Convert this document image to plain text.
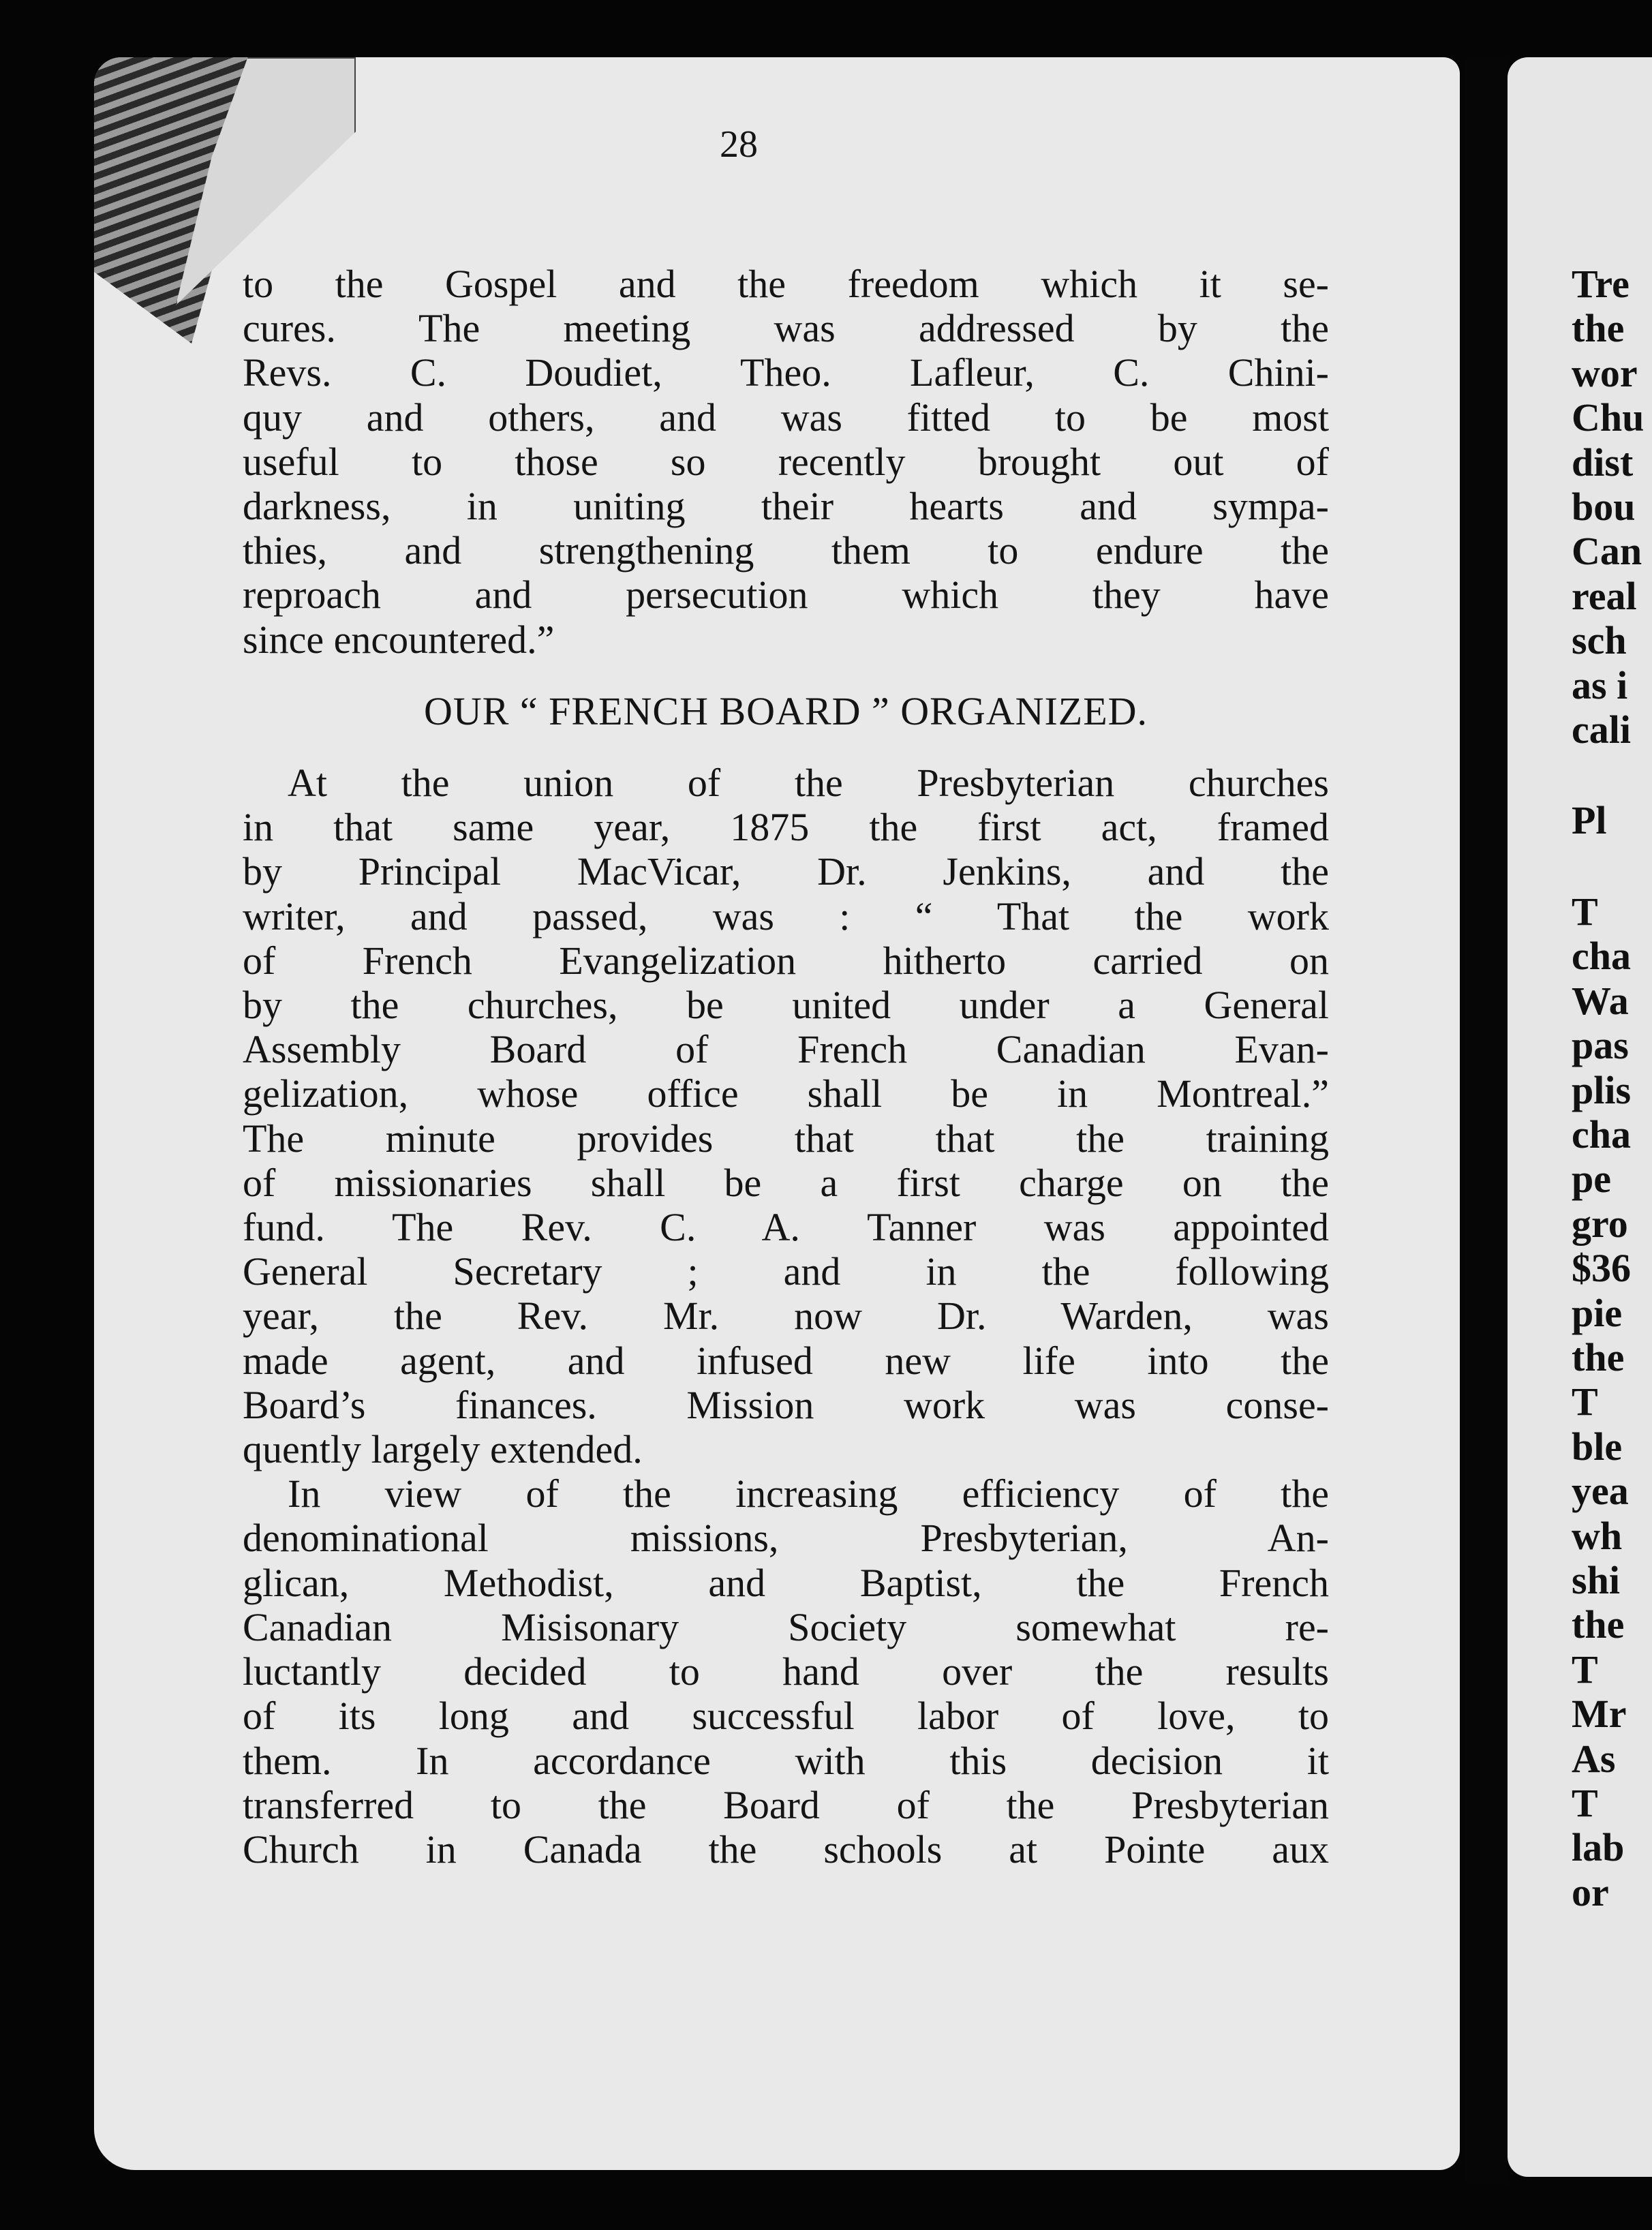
28
to the Gospel and the freedom which it se-
cures. The meeting was addressed by the
Revs. C. Doudiet, Theo. Lafleur, C. Chini-
quy and others, and was fitted to be most
useful to those so recently brought out of
darkness, in uniting their hearts and sympa-
thies, and strengthening them to endure the
reproach and persecution which they have
since encountered.”
OUR “ FRENCH BOARD ” ORGANIZED.
At the union of the Presbyterian churches
in that same year, 1875 the first act, framed
by Principal MacVicar, Dr. Jenkins, and the
writer, and passed, was : “ That the work
of French Evangelization hitherto carried on
by the churches, be united under a General
Assembly Board of French Canadian Evan-
gelization, whose office shall be in Montreal.”
The minute provides that that the training
of missionaries shall be a first charge on the
fund. The Rev. C. A. Tanner was appointed
General Secretary ; and in the following
year, the Rev. Mr. now Dr. Warden, was
made agent, and infused new life into the
Board’s finances. Mission work was conse-
quently largely extended.
In view of the increasing efficiency of the
denominational missions, Presbyterian, An-
glican, Methodist, and Baptist, the French
Canadian Misisonary Society somewhat re-
luctantly decided to hand over the results
of its long and successful labor of love, to
them. In accordance with this decision it
transferred to the Board of the Presbyterian
Church in Canada the schools at Pointe aux
Tre
the
wor
Chu
dist
bou
Can
real
sch
as i
cali
Pl
T
cha
Wa
pas
plis
cha
pe
gro
$36
pie
the
T
ble
yea
wh
shi
the
T
Mr
As
T
lab
or
